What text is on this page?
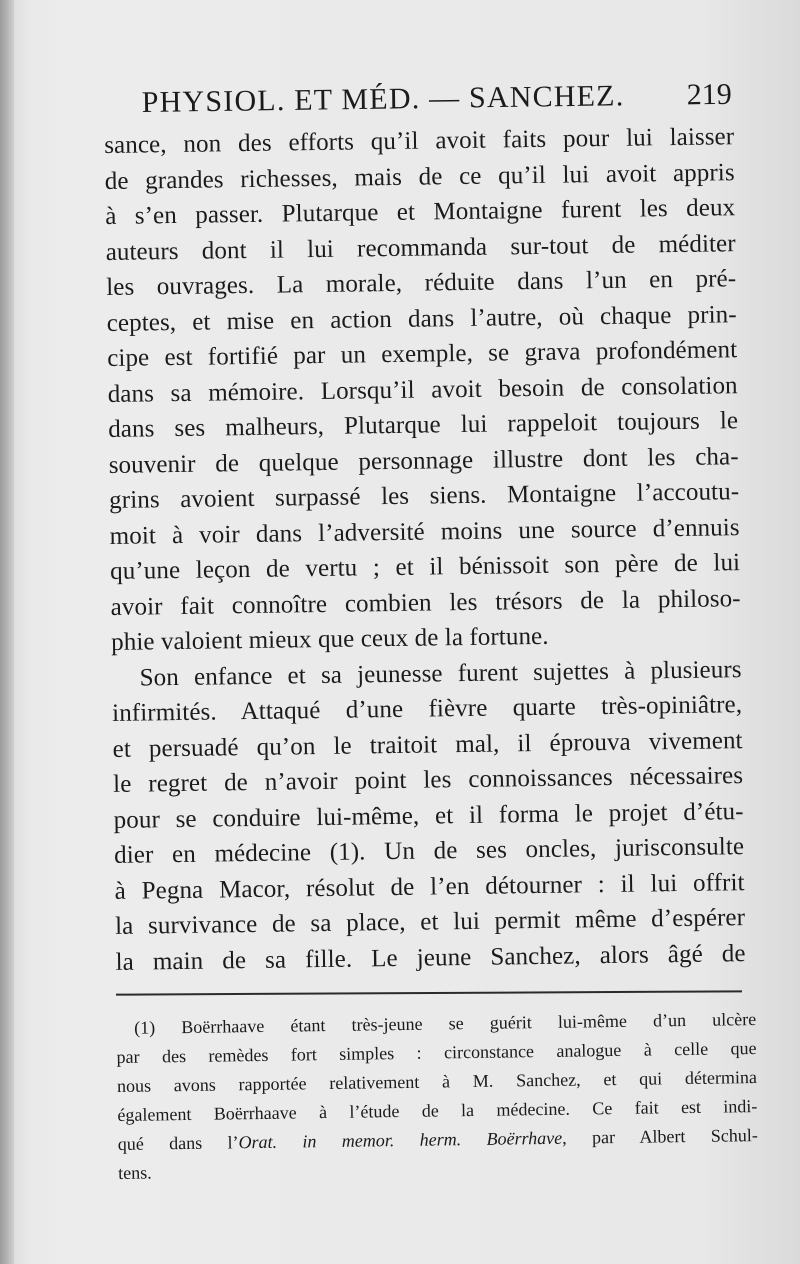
PHYSIOL. ET MÉD. — SANCHEZ. 219
sance, non des efforts qu’il avoit faits pour lui laisser
de grandes richesses, mais de ce qu’il lui avoit appris
à s’en passer. Plutarque et Montaigne furent les deux
auteurs dont il lui recommanda sur-tout de méditer
les ouvrages. La morale, réduite dans l’un en pré-
ceptes, et mise en action dans l’autre, où chaque prin-
cipe est fortifié par un exemple, se grava profondément
dans sa mémoire. Lorsqu’il avoit besoin de consolation
dans ses malheurs, Plutarque lui rappeloit toujours le
souvenir de quelque personnage illustre dont les cha-
grins avoient surpassé les siens. Montaigne l’accoutu-
moit à voir dans l’adversité moins une source d’ennuis
qu’une leçon de vertu ; et il bénissoit son père de lui
avoir fait connoître combien les trésors de la philoso-
phie valoient mieux que ceux de la fortune.
Son enfance et sa jeunesse furent sujettes à plusieurs
infirmités. Attaqué d’une fièvre quarte très-opiniâtre,
et persuadé qu’on le traitoit mal, il éprouva vivement
le regret de n’avoir point les connoissances nécessaires
pour se conduire lui-même, et il forma le projet d’étu-
dier en médecine (1). Un de ses oncles, jurisconsulte
à Pegna Macor, résolut de l’en détourner : il lui offrit
la survivance de sa place, et lui permit même d’espérer
la main de sa fille. Le jeune Sanchez, alors âgé de
(1) Boërrhaave étant très-jeune se guérit lui-même d’un ulcère
par des remèdes fort simples : circonstance analogue à celle que
nous avons rapportée relativement à M. Sanchez, et qui détermina
également Boërrhaave à l’étude de la médecine. Ce fait est indi-
qué dans l’Orat. in memor. herm. Boërrhave, par Albert Schul-
tens.
